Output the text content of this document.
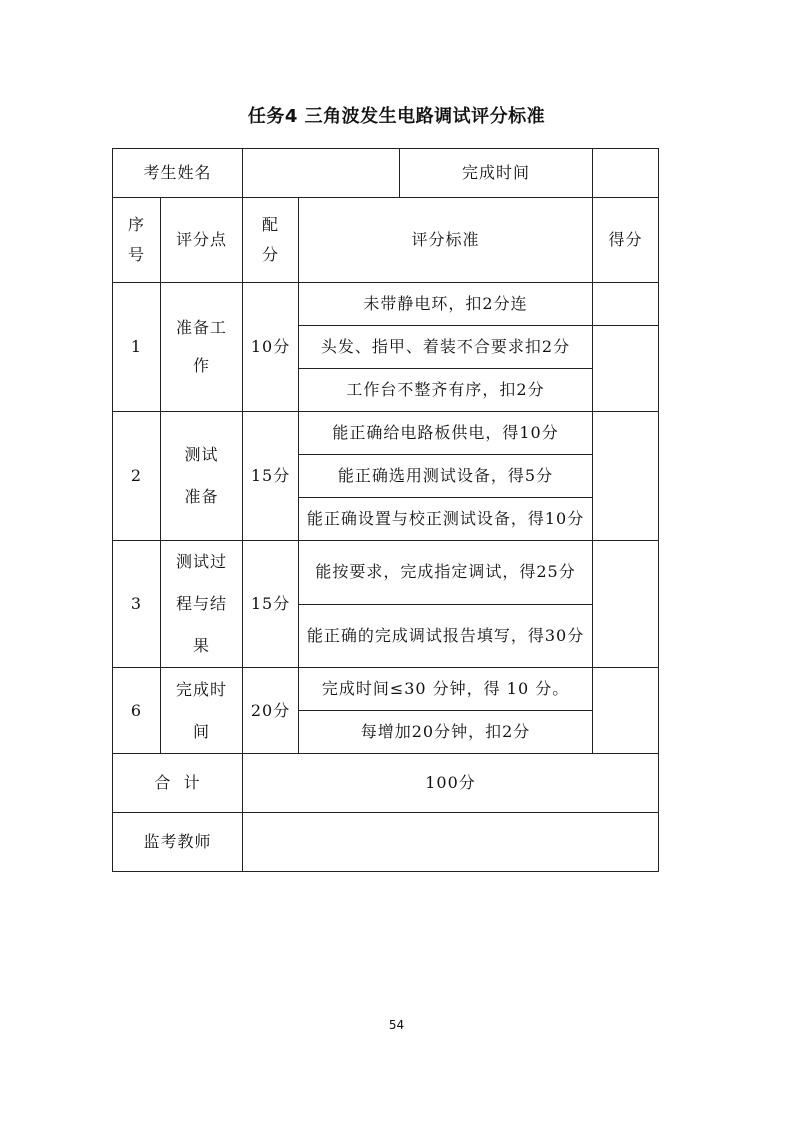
任务4 三角波发生电路调试评分标准
考生姓名		完成时间		

序号	评分点	配分	评分标准	得分
1	准备工作	10分	未带静电环，扣2分连	
			头发、指甲、着装不合要求扣2分	
			工作台不整齐有序，扣2分	
2	测试准备	15分	能正确给电路板供电，得10分	
			能正确选用测试设备，得5分	
			能正确设置与校正测试设备，得10分	
3	测试过程与结果	15分	能按要求，完成指定调试，得25分	
			能正确的完成调试报告填写，得30分	
6	完成时间	20分	完成时间≤30 分钟，得 10 分。	
			每增加20分钟，扣2分	
合  计		100分		
监考教师				
54
